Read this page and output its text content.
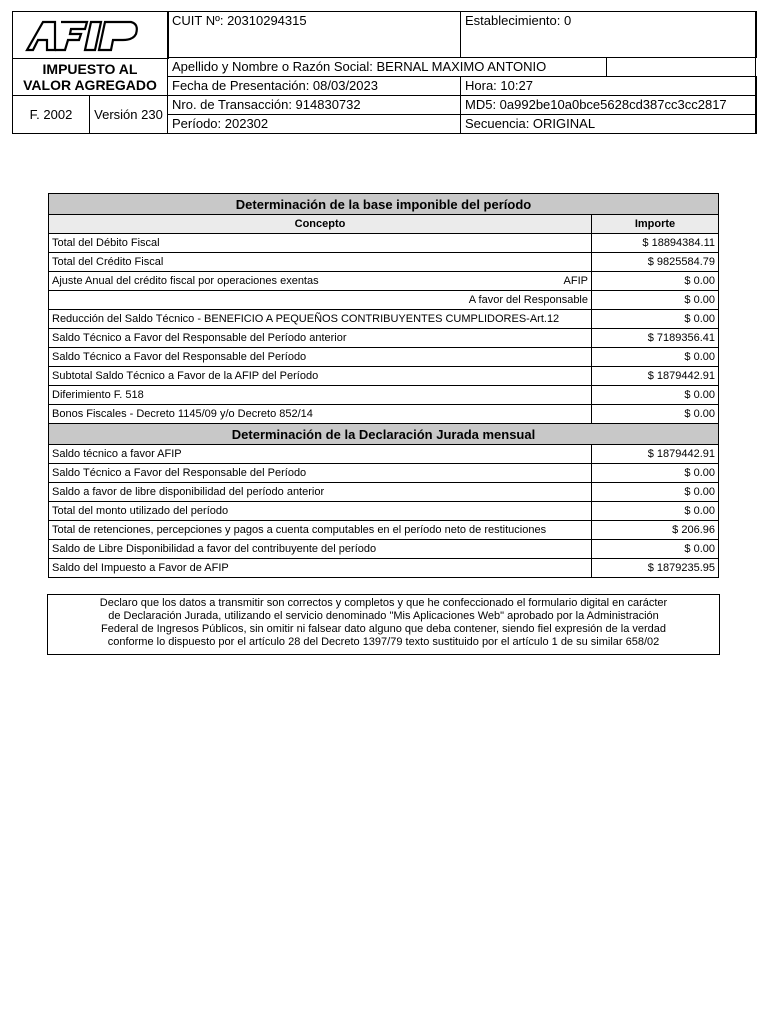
IMPUESTO AL
VALOR AGREGADO
F. 2002	Versión 230
CUIT Nº: 20310294315	Establecimiento: 0
Apellido y Nombre o Razón Social: BERNAL MAXIMO ANTONIO
Fecha de Presentación: 08/03/2023	Hora: 10:27
Nro. de Transacción: 914830732	MD5: 0a992be10a0bce5628cd387cc3cc2817
Período: 202302	Secuencia: ORIGINAL
Determinación de la base imponible del período	
Concepto	Importe
Total del Débito Fiscal	$ 18894384.11
Total del Crédito Fiscal	$ 9825584.79

Ajuste Anual del crédito fiscal por operaciones exentas AFIP	$ 0.00
A favor del Responsable	$ 0.00
Reducción del Saldo Técnico - BENEFICIO A PEQUEÑOS CONTRIBUYENTES CUMPLIDORES-Art.12	$ 0.00
Saldo Técnico a Favor del Responsable del Período anterior	$ 7189356.41
Saldo Técnico a Favor del Responsable del Período	$ 0.00
Subtotal Saldo Técnico a Favor de la AFIP del Período	$ 1879442.91
Diferimiento F. 518	$ 0.00
Bonos Fiscales - Decreto 1145/09 y/o Decreto 852/14	$ 0.00
Determinación de la Declaración Jurada mensual	
Saldo técnico a favor AFIP	$ 1879442.91
Saldo Técnico a Favor del Responsable del Período	$ 0.00
Saldo a favor de libre disponibilidad del período anterior	$ 0.00
Total del monto utilizado del período	$ 0.00
Total de retenciones, percepciones y pagos a cuenta computables en el período neto de restituciones	$ 206.96
Saldo de Libre Disponibilidad a favor del contribuyente del período	$ 0.00
Saldo del Impuesto a Favor de AFIP	$ 1879235.95
Declaro que los datos a transmitir son correctos y completos y que he confeccionado el formulario digital en carácter
de Declaración Jurada, utilizando el servicio denominado "Mis Aplicaciones Web" aprobado por la Administración
Federal de Ingresos Públicos, sin omitir ni falsear dato alguno que deba contener, siendo fiel expresión de la verdad
conforme lo dispuesto por el artículo 28 del Decreto 1397/79 texto sustituido por el artículo 1 de su similar 658/02
